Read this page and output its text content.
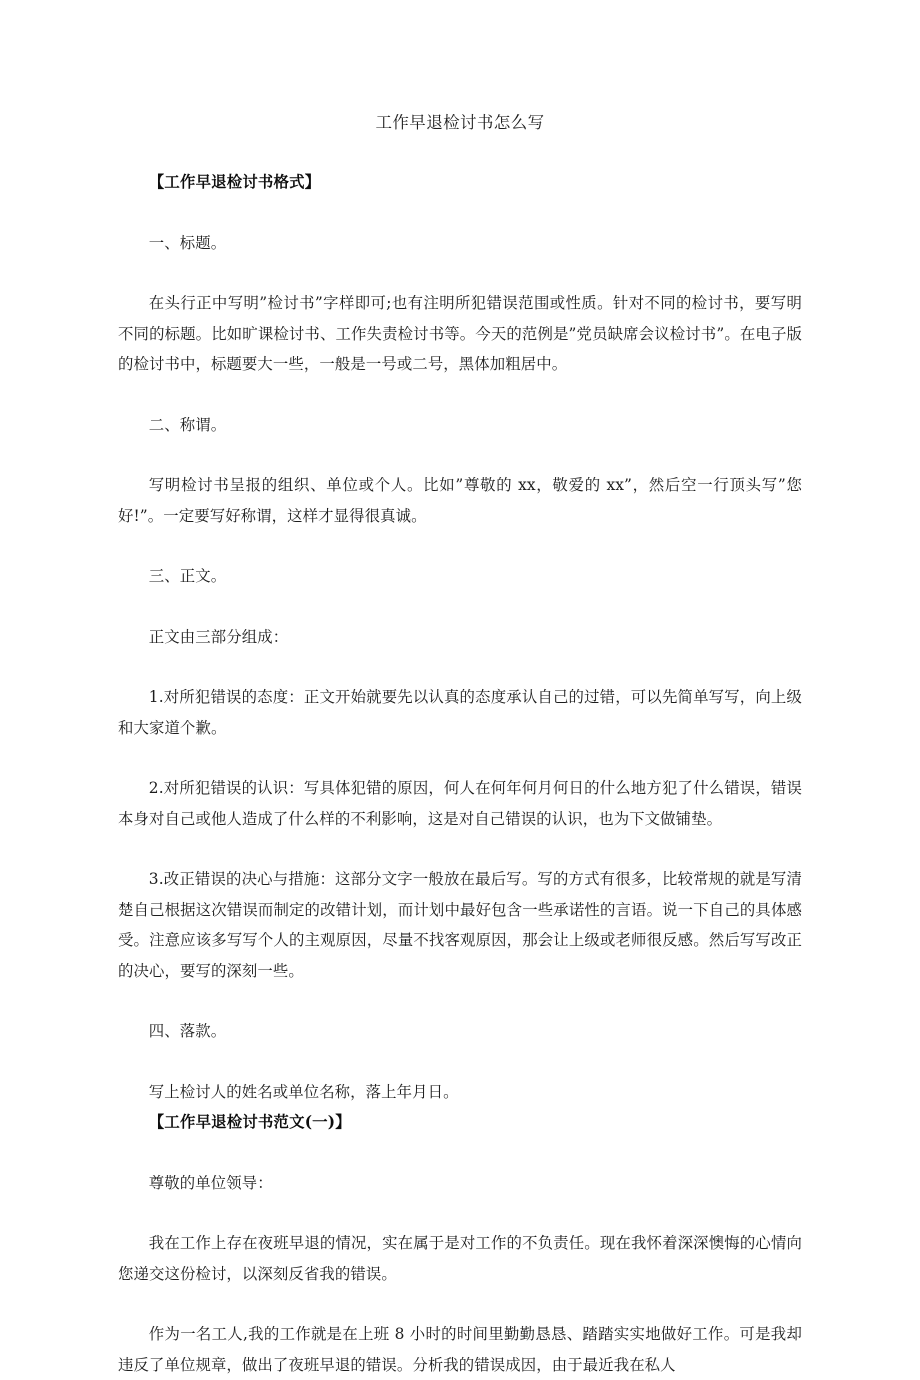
工作早退检讨书怎么写

【工作早退检讨书格式】

一、标题。

在头行正中写明”检讨书”字样即可;也有注明所犯错误范围或性质。针对不同的检讨书，要写明不同的标题。比如旷课检讨书、工作失责检讨书等。今天的范例是”党员缺席会议检讨书”。在电子版的检讨书中，标题要大一些，一般是一号或二号，黑体加粗居中。

二、称谓。

写明检讨书呈报的组织、单位或个人。比如”尊敬的 xx，敬爱的 xx”，然后空一行顶头写”您好!”。一定要写好称谓，这样才显得很真诚。

三、正文。

正文由三部分组成：

1.对所犯错误的态度：正文开始就要先以认真的态度承认自己的过错，可以先简单写写，向上级和大家道个歉。

2.对所犯错误的认识：写具体犯错的原因，何人在何年何月何日的什么地方犯了什么错误，错误本身对自己或他人造成了什么样的不利影响，这是对自己错误的认识，也为下文做铺垫。

3.改正错误的决心与措施：这部分文字一般放在最后写。写的方式有很多，比较常规的就是写清楚自己根据这次错误而制定的改错计划，而计划中最好包含一些承诺性的言语。说一下自己的具体感受。注意应该多写写个人的主观原因，尽量不找客观原因，那会让上级或老师很反感。然后写写改正的决心，要写的深刻一些。

四、落款。

写上检讨人的姓名或单位名称，落上年月日。

【工作早退检讨书范文(一)】

尊敬的单位领导：

我在工作上存在夜班早退的情况，实在属于是对工作的不负责任。现在我怀着深深懊悔的心情向您递交这份检讨，以深刻反省我的错误。

作为一名工人,我的工作就是在上班 8 小时的时间里勤勤恳恳、踏踏实实地做好工作。可是我却违反了单位规章，做出了夜班早退的错误。分析我的错误成因，由于最近我在私人
